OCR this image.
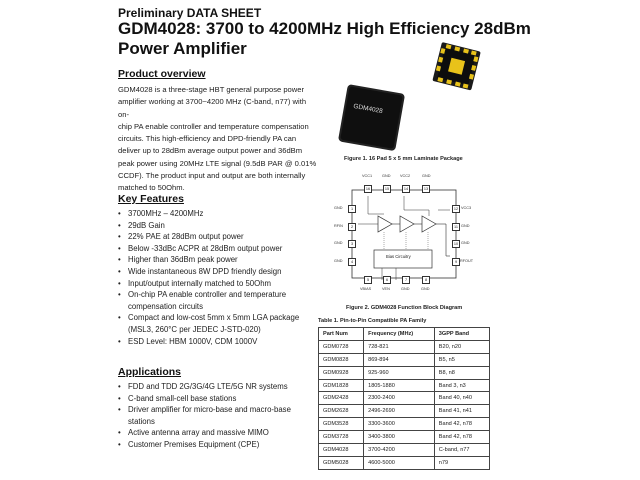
Preliminary DATA SHEET
GDM4028: 3700 to 4200MHz High Efficiency 28dBm Power Amplifier
Product overview
GDM4028 is a three-stage HBT general purpose power
amplifier working at 3700~4200 MHz (C-band, n77) with on-
chip PA enable controller and temperature compensation
circuits. This high-efficiency and DPD-friendly PA can
deliver up to 28dBm average output power and 36dBm
peak power using 20MHz LTE signal (9.5dB PAR @ 0.01%
CCDF). The product input and output are both internally
matched to 50Ohm.
Key Features
• 3700MHz – 4200MHz
• 29dB Gain
• 22% PAE at 28dBm output power
• Below -33dBc ACPR at 28dBm output power
• Higher than 36dBm peak power
• Wide instantaneous 8W DPD friendly design
• Input/output internally matched to 50Ohm
• On-chip PA enable controller and temperature compensation circuits
• Compact and low-cost 5mm x 5mm LGA package (MSL3, 260°C per JEDEC J-STD-020)
• ESD Level: HBM 1000V, CDM 1000V
Applications
• FDD and TDD 2G/3G/4G LTE/5G NR systems
• C-band small-cell base stations
• Driver amplifier for micro-base and macro-base stations
• Active antenna array and massive MIMO
• Customer Premises Equipment (CPE)
GDM4028
Figure 1. 16 Pad 5 x 5 mm Laminate Package
Bias Circuitry
VCC1	GND	VCC2	GND
16	15	14	13
GND
RFIN
GND
GND
1
2
3
4
12
11
10
9
VCC3
GND
GND
RFOUT
5	6	7	8
VBIAS	VEN	GND	GND
Figure 2. GDM4028 Function Block Diagram
Table 1. Pin-to-Pin Compatible PA Family
Part Num	Frequency (MHz)	3GPP Band
GDM0728	728-821	B20, n20
GDM0828	869-894	B5, n5
GDM0928	925-960	B8, n8
GDM1828	1805-1880	Band 3, n3
GDM2428	2300-2400	Band 40, n40
GDM2628	2496-2690	Band 41, n41
GDM3528	3300-3600	Band 42, n78
GDM3728	3400-3800	Band 42, n78
GDM4028	3700-4200	C-band, n77
GDM5028	4600-5000	n79
